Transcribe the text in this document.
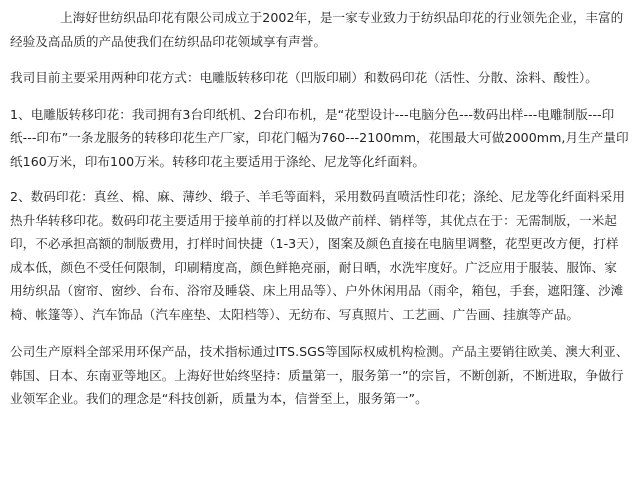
上海好世纺织品印花有限公司成立于2002年，是一家专业致力于纺织品印花的行业领先企业，丰富的经验及高品质的产品使我们在纺织品印花领域享有声誉。

我司目前主要采用两种印花方式：电雕版转移印花（凹版印刷）和数码印花（活性、分散、涂料、酸性）。

1、电雕版转移印花：我司拥有3台印纸机、2台印布机，是“花型设计---电脑分色---数码出样---电雕制版---印纸---印布”一条龙服务的转移印花生产厂家，印花门幅为760---2100mm，花围最大可做2000mm,月生产量印纸160万米，印布100万米。转移印花主要适用于涤纶、尼龙等化纤面料。

2、数码印花：真丝、棉、麻、薄纱、缎子、羊毛等面料，采用数码直喷活性印花；涤纶、尼龙等化纤面料采用热升华转移印花。数码印花主要适用于接单前的打样以及做产前样、销样等，其优点在于：无需制版，一米起印，不必承担高额的制版费用，打样时间快捷（1-3天），图案及颜色直接在电脑里调整，花型更改方便，打样成本低，颜色不受任何限制，印刷精度高，颜色鲜艳亮丽，耐日晒，水洗牢度好。广泛应用于服装、服饰、家用纺织品（窗帘、窗纱、台布、浴帘及睡袋、床上用品等）、户外休闲用品（雨伞，箱包，手套，遮阳篷、沙滩椅、帐篷等）、汽车饰品（汽车座垫、太阳档等）、无纺布、写真照片、工艺画、广告画、挂旗等产品。

公司生产原料全部采用环保产品，技术指标通过ITS.SGS等国际权威机构检测。产品主要销往欧美、澳大利亚、韩国、日本、东南亚等地区。上海好世始终坚持：质量第一，服务第一”的宗旨，不断创新，不断进取，争做行业领军企业。我们的理念是“科技创新，质量为本，信誉至上，服务第一”。
